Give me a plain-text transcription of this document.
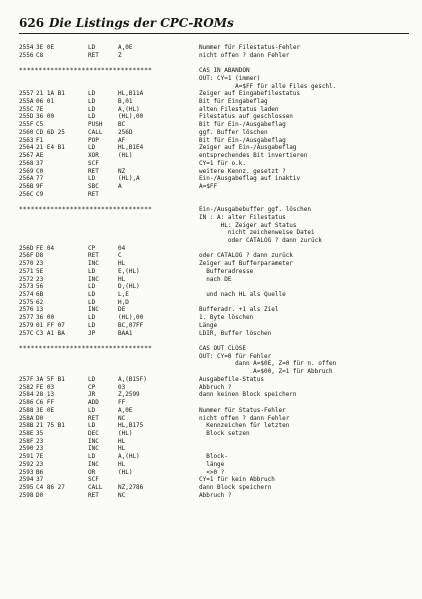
626 Die Listings der CPC-ROMs
2554 3E 0E	LD	A,0E	Nummer für Filestatus-Fehler
2556 C8	RET	Z	nicht offen ? dann Fehler
**********************************	CAS IN ABANDON
OUT: CY=1 (immer)
A=$FF für alle Files geschl.
2557 21 1A B1	LD	HL,B11A	Zeiger auf Eingabefilestatus
255A 06 01	LD	B,01	Bit für Eingabeflag
255C 7E	LD	A,(HL)	alten Filestatus laden
255D 36 00	LD	(HL),00	Filestatus auf geschlossen
255F C5	PUSH	BC	Bit für Ein-/Ausgabeflag
2560 CD 6D 25	CALL	256D	ggf. Buffer löschen
2563 F1	POP	AF	Bit für Ein-/Ausgabeflag
2564 21 E4 B1	LD	HL,B1E4	Zeiger auf Ein-/Ausgabeflag
2567 AE	XOR	(HL)	entsprechendes Bit invertieren
2568 37	SCF	CY=1 für o.k.
2569 C0	RET	NZ	weitere Kennz. gesetzt ?
256A 77	LD	(HL),A	Ein-/Ausgabeflag auf inaktiv
256B 9F	SBC	A	A=$FF
256C C9	RET
**********************************	Ein-/Ausgabebuffer ggf. löschen
IN : A: alter Filestatus
HL: Zeiger auf Status
nicht zeichenweise Datei
oder CATALOG ? dann zurück
256D FE 04	CP	04
256F D8	RET	C	oder CATALOG ? dann zurück
2570 23	INC	HL	Zeiger auf Bufferparameter
2571 5E	LD	E,(HL)	Bufferadresse
2572 23	INC	HL	nach DE
2573 56	LD	D,(HL)
2574 6B	LD	L,E	und nach HL als Quelle
2575 62	LD	H,D
2576 13	INC	DE	Bufferadr. +1 als Ziel
2577 36 00	LD	(HL),00	1. Byte löschen
2579 01 FF 07	LD	BC,07FF	Länge
257C C3 A1 BA	JP	BAA1	LDIR, Buffer löschen
**********************************	CAS OUT CLOSE
OUT: CY=0 für Fehler
dann A=$0E, Z=0 für n. offen
A=$00, Z=1 für Abbruch
257F 3A 5F B1	LD	A,(B15F)	Ausgabefile-Status
2582 FE 03	CP	03	Abbruch ?
2584 28 13	JR	Z,2599	dann keinen Block speichern
2586 C6 FF	ADD	FF
2588 3E 0E	LD	A,0E	Nummer für Status-Fehler
258A D0	RET	NC	nicht offen ? dann Fehler
258B 21 75 B1	LD	HL,B175	Kennzeichen für letzten
258E 35	DEC	(HL)	Block setzen
258F 23	INC	HL
2590 23	INC	HL
2591 7E	LD	A,(HL)	Block-
2592 23	INC	HL	länge
2593 B6	OR	(HL)	<>0 ?
2594 37	SCF	CY=1 für kein Abbruch
2595 C4 86 27	CALL	NZ,2786	dann Block speichern
2598 D0	RET	NC	Abbruch ?
